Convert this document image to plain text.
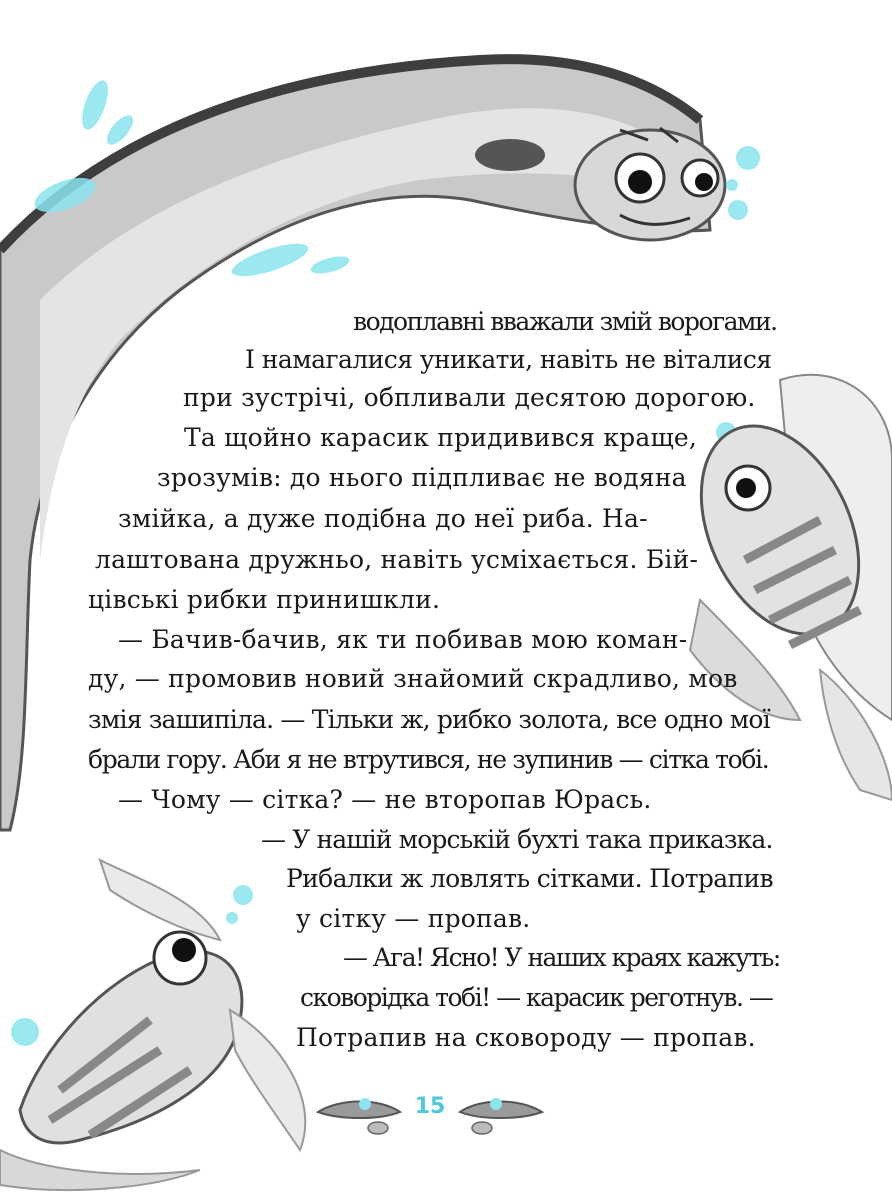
водоплавні вважали змій ворогами.
І намагалися уникати, навіть не віталися
при зустрічі, обпливали десятою дорогою.
Та щойно карасик придивився краще,
зрозумів: до нього підпливає не водяна
змійка, а дуже подібна до неї риба. На-
лаштована дружньо, навіть усміхається. Бій-
цівські рибки принишкли.
— Бачив-бачив, як ти побивав мою коман-
ду, — промовив новий знайомий скрадливо, мов
змія зашипіла. — Тільки ж, рибко золота, все одно мої
брали гору. Аби я не втрутився, не зупинив — сітка тобі.
— Чому — сітка? — не второпав Юрась.
— У нашій морській бухті така приказка.
Рибалки ж ловлять сітками. Потрапив
у сітку — пропав.
— Ага! Ясно! У наших краях кажуть:
сковорідка тобі! — карасик реготнув. —
Потрапив на сковороду — пропав.
15
